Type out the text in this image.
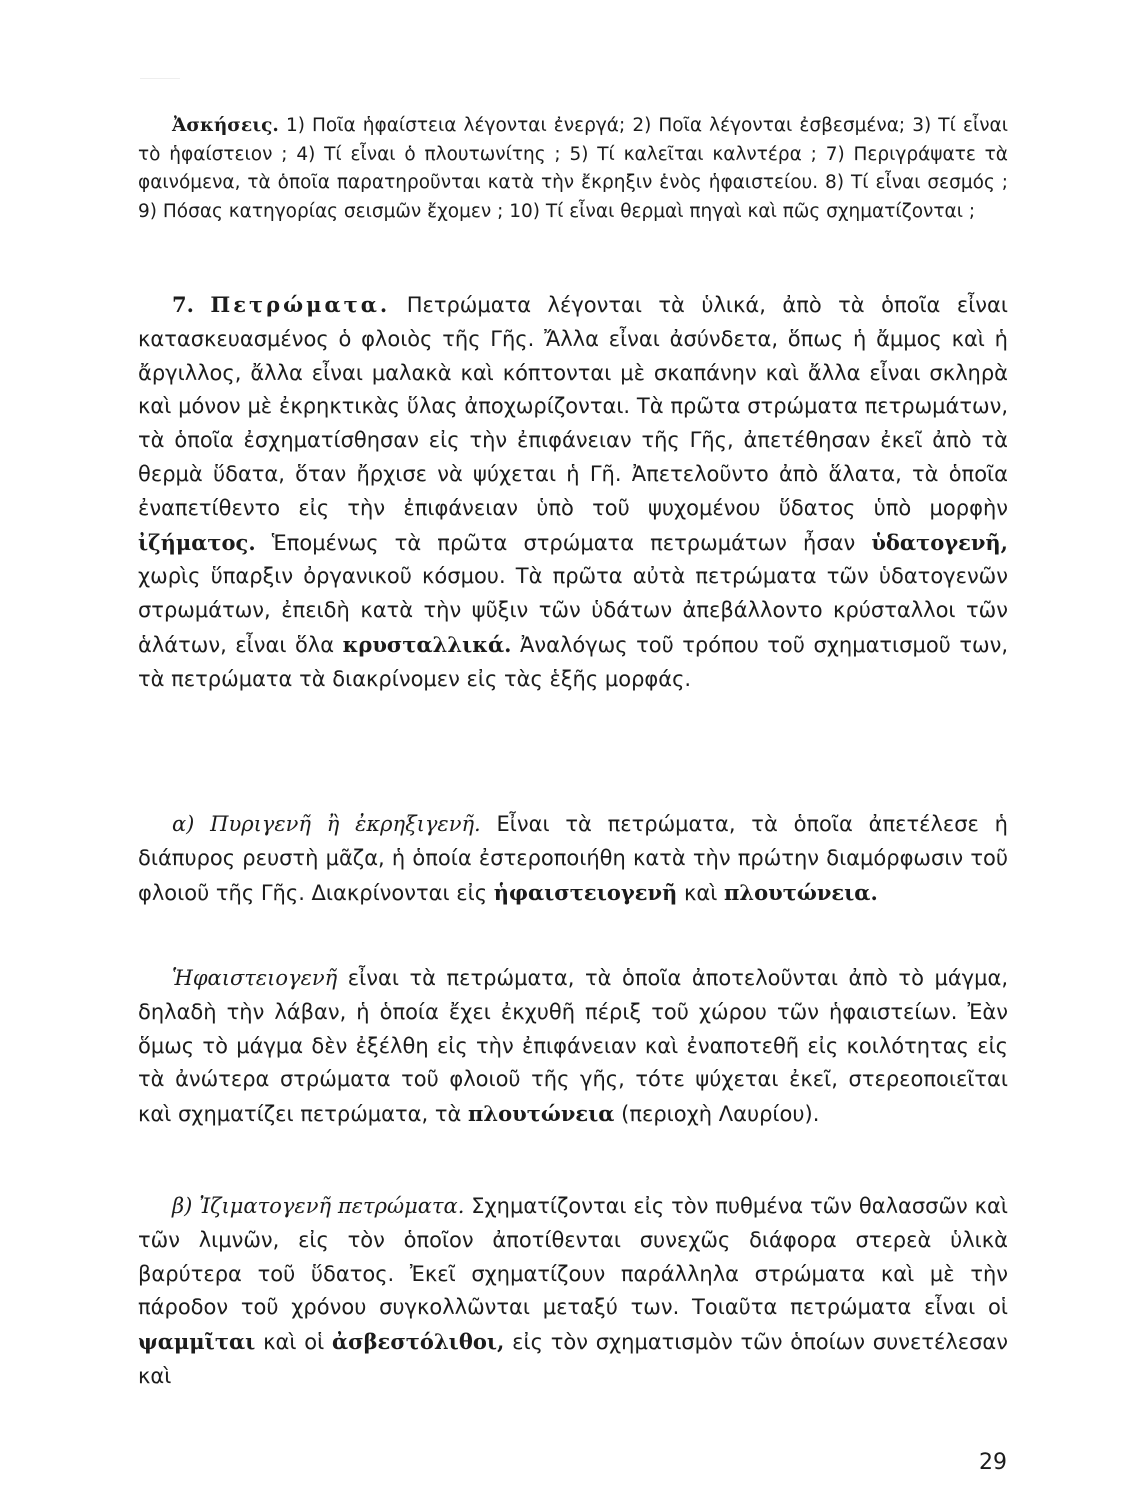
Ἀσκήσεις. 1) Ποῖα ἡφαίστεια λέγονται ἐνεργά; 2) Ποῖα λέγονται ἐσβεσμένα; 3) Τί εἶναι τὸ ἡφαίστειον ; 4) Τί εἶναι ὁ πλουτωνίτης ; 5) Τί καλεῖται καλντέρα ; 7) Περιγράψατε τὰ φαινόμενα, τὰ ὁποῖα παρατηροῦνται κατὰ τὴν ἔκρηξιν ἑνὸς ἡφαιστείου. 8) Τί εἶναι σεσμός ; 9) Πόσας κατηγορίας σεισμῶν ἔχομεν ; 10) Τί εἶναι θερμαὶ πηγαὶ καὶ πῶς σχηματίζονται ;

7. Πετρώματα. Πετρώματα λέγονται τὰ ὑλικά, ἀπὸ τὰ ὁποῖα εἶναι κατασκευασμένος ὁ φλοιὸς τῆς Γῆς. Ἄλλα εἶναι ἀσύνδετα, ὅπως ἡ ἄμμος καὶ ἡ ἄργιλλος, ἄλλα εἶναι μαλακὰ καὶ κόπτονται μὲ σκαπάνην καὶ ἄλλα εἶναι σκληρὰ καὶ μόνον μὲ ἐκρηκτικὰς ὕλας ἀποχωρίζονται. Τὰ πρῶτα στρώματα πετρωμάτων, τὰ ὁποῖα ἐσχηματίσθησαν εἰς τὴν ἐπιφάνειαν τῆς Γῆς, ἀπετέθησαν ἐκεῖ ἀπὸ τὰ θερμὰ ὕδατα, ὅταν ἤρχισε νὰ ψύχεται ἡ Γῆ. Ἀπετελοῦντο ἀπὸ ἅλατα, τὰ ὁποῖα ἐναπετίθεντο εἰς τὴν ἐπιφάνειαν ὑπὸ τοῦ ψυχομένου ὕδατος ὑπὸ μορφὴν ἰζήματος. Ἑπομένως τὰ πρῶτα στρώματα πετρωμάτων ἦσαν ὑδατογενῆ, χωρὶς ὕπαρξιν ὀργανικοῦ κόσμου. Τὰ πρῶτα αὐτὰ πετρώματα τῶν ὑδατογενῶν στρωμάτων, ἐπειδὴ κατὰ τὴν ψῦξιν τῶν ὑδάτων ἀπεβάλλοντο κρύσταλλοι τῶν ἁλάτων, εἶναι ὅλα κρυσταλλικά. Ἀναλόγως τοῦ τρόπου τοῦ σχηματισμοῦ των, τὰ πετρώματα τὰ διακρίνομεν εἰς τὰς ἑξῆς μορφάς.

α) Πυριγενῆ ἢ ἐκρηξιγενῆ. Εἶναι τὰ πετρώματα, τὰ ὁποῖα ἀπετέλεσε ἡ διάπυρος ρευστὴ μᾶζα, ἡ ὁποία ἐστεροποιήθη κατὰ τὴν πρώτην διαμόρφωσιν τοῦ φλοιοῦ τῆς Γῆς. Διακρίνονται εἰς ἡφαιστειογενῆ καὶ πλουτώνεια.

Ἡφαιστειογενῆ εἶναι τὰ πετρώματα, τὰ ὁποῖα ἀποτελοῦνται ἀπὸ τὸ μάγμα, δηλαδὴ τὴν λάβαν, ἡ ὁποία ἔχει ἐκχυθῆ πέριξ τοῦ χώρου τῶν ἡφαιστείων. Ἐὰν ὅμως τὸ μάγμα δὲν ἐξέλθη εἰς τὴν ἐπιφάνειαν καὶ ἐναποτεθῆ εἰς κοιλότητας εἰς τὰ ἀνώτερα στρώματα τοῦ φλοιοῦ τῆς γῆς, τότε ψύχεται ἐκεῖ, στερεοποιεῖται καὶ σχηματίζει πετρώματα, τὰ πλουτώνεια (περιοχὴ Λαυρίου).

β) Ἰζιματογενῆ πετρώματα. Σχηματίζονται εἰς τὸν πυθμένα τῶν θαλασσῶν καὶ τῶν λιμνῶν, εἰς τὸν ὁποῖον ἀποτίθενται συνεχῶς διάφορα στερεὰ ὑλικὰ βαρύτερα τοῦ ὕδατος. Ἐκεῖ σχηματίζουν παράλληλα στρώματα καὶ μὲ τὴν πάροδον τοῦ χρόνου συγκολλῶνται μεταξύ των. Τοιαῦτα πετρώματα εἶναι οἱ ψαμμῖται καὶ οἱ ἀσβεστόλιθοι, εἰς τὸν σχηματισμὸν τῶν ὁποίων συνετέλεσαν καὶ

29
